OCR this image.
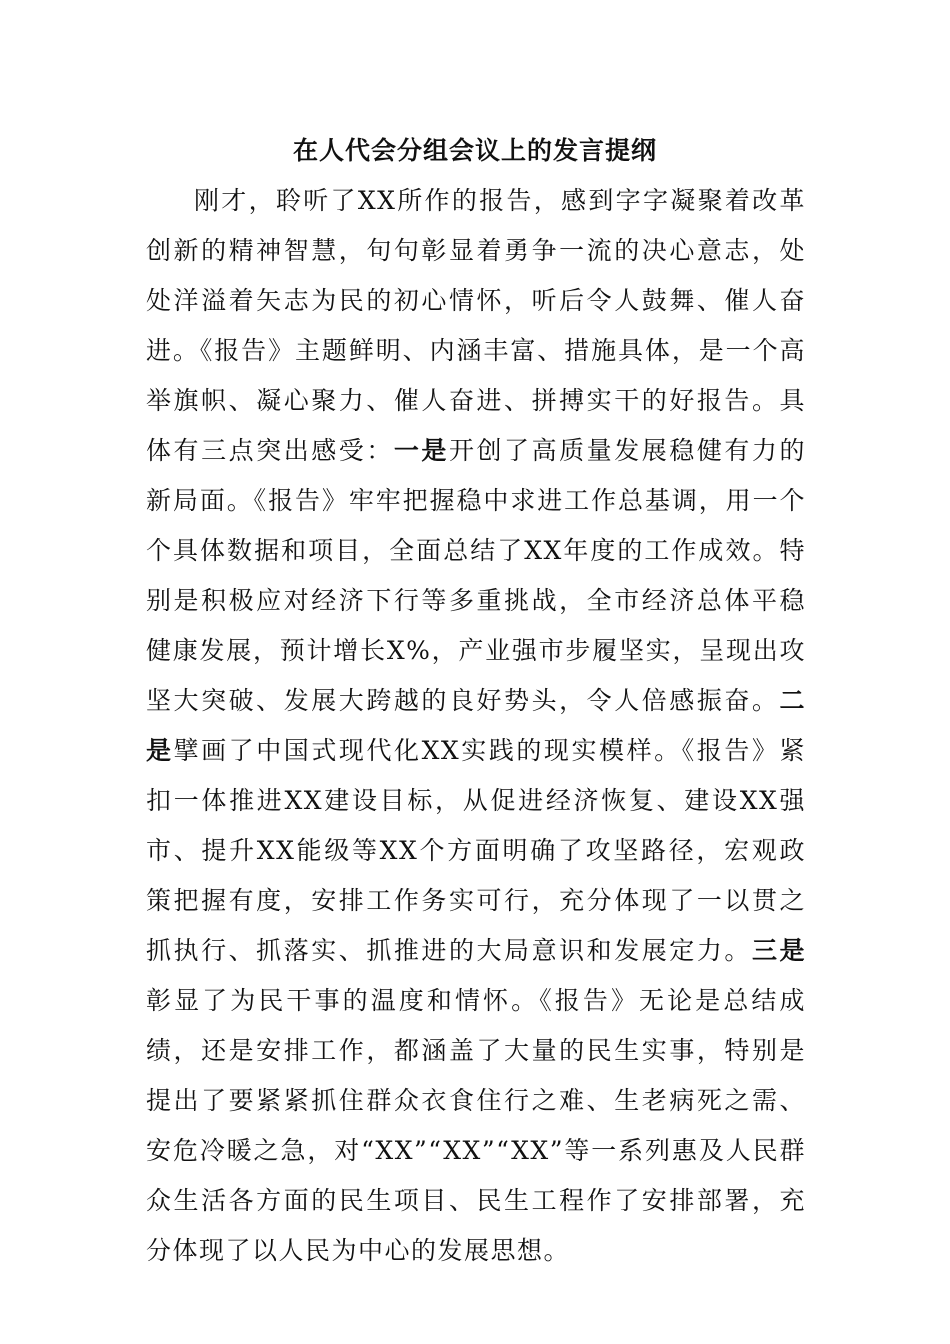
在人代会分组会议上的发言提纲

刚才，聆听了XX所作的报告，感到字字凝聚着改革创新的精神智慧，句句彰显着勇争一流的决心意志，处处洋溢着矢志为民的初心情怀，听后令人鼓舞、催人奋进。《报告》主题鲜明、内涵丰富、措施具体，是一个高举旗帜、凝心聚力、催人奋进、拼搏实干的好报告。具体有三点突出感受：一是开创了高质量发展稳健有力的新局面。《报告》牢牢把握稳中求进工作总基调，用一个个具体数据和项目，全面总结了XX年度的工作成效。特别是积极应对经济下行等多重挑战，全市经济总体平稳健康发展，预计增长X%，产业强市步履坚实，呈现出攻坚大突破、发展大跨越的良好势头，令人倍感振奋。二是擘画了中国式现代化XX实践的现实模样。《报告》紧扣一体推进XX建设目标，从促进经济恢复、建设XX强市、提升XX能级等XX个方面明确了攻坚路径，宏观政策把握有度，安排工作务实可行，充分体现了一以贯之抓执行、抓落实、抓推进的大局意识和发展定力。三是彰显了为民干事的温度和情怀。《报告》无论是总结成绩，还是安排工作，都涵盖了大量的民生实事，特别是提出了要紧紧抓住群众衣食住行之难、生老病死之需、安危冷暖之急，对“XX”“XX”“XX”等一系列惠及人民群众生活各方面的民生项目、民生工程作了安排部署，充分体现了以人民为中心的发展思想。
